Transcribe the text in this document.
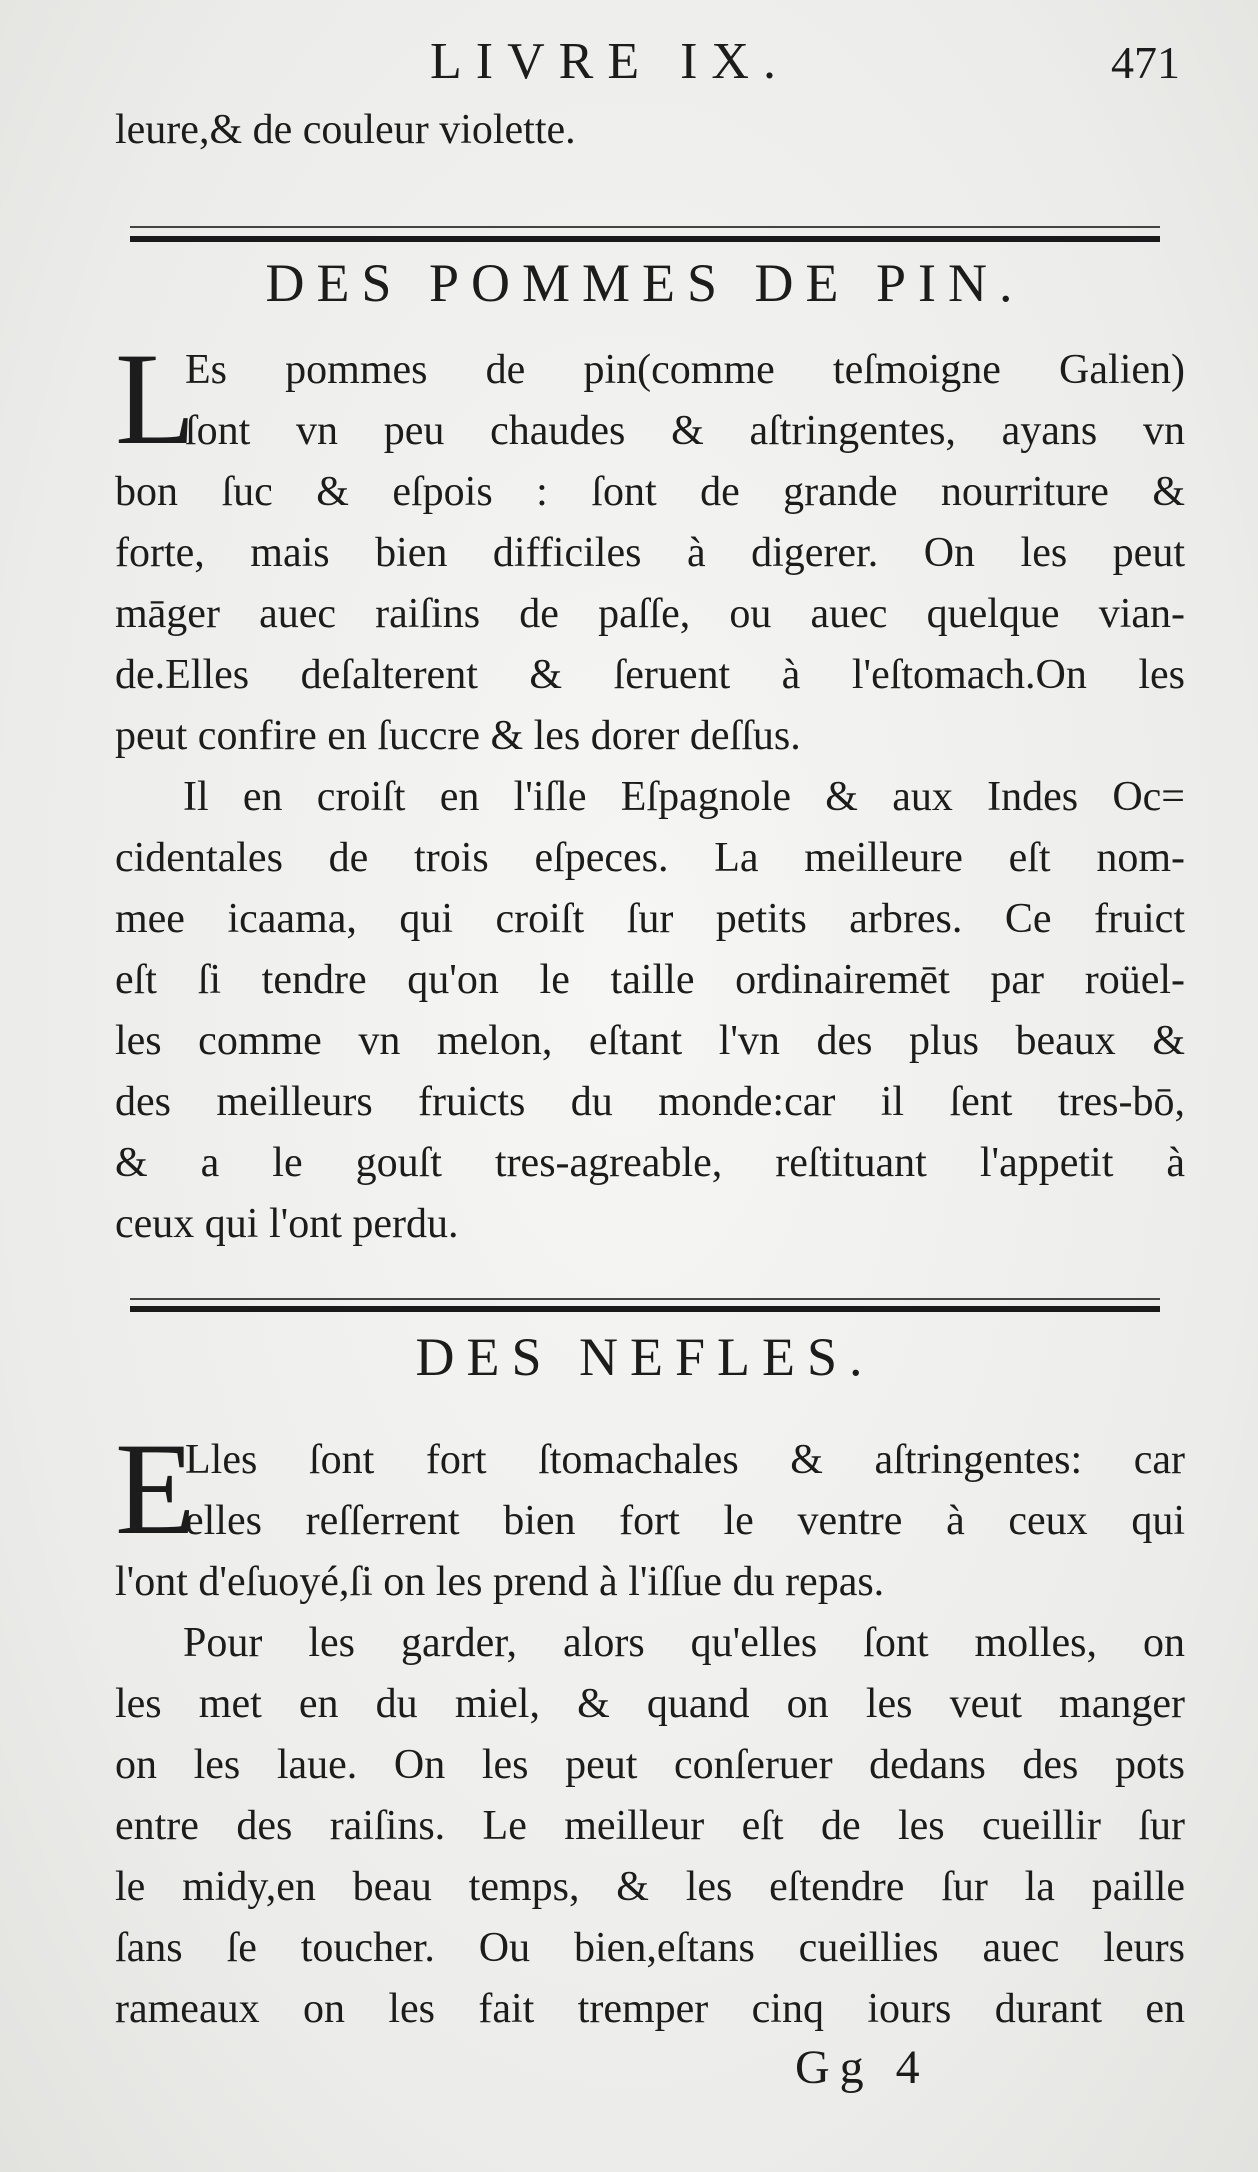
LIVRE IX.	471
leure,& de couleur violette.
DES POMMES DE PIN.
L
Es pommes de pin(comme teſmoigne Galien)
ſont vn peu chaudes & aſtringentes, ayans vn
bon ſuc & eſpois : ſont de grande nourriture &
forte, mais bien difficiles à digerer. On les peut
māger auec raiſins de paſſe, ou auec quelque vian-
de.Elles deſalterent & ſeruent à l'eſtomach.On les
peut confire en ſuccre & les dorer deſſus.
Il en croiſt en l'iſle Eſpagnole & aux Indes Oc=
cidentales de trois eſpeces. La meilleure eſt nom-
mee icaama, qui croiſt ſur petits arbres. Ce fruict
eſt ſi tendre qu'on le taille ordinairemēt par roüel-
les comme vn melon, eſtant l'vn des plus beaux &
des meilleurs fruicts du monde:car il ſent tres-bō,
& a le gouſt tres-agreable, reſtituant l'appetit à
ceux qui l'ont perdu.
DES NEFLES.
E
Lles ſont fort ſtomachales & aſtringentes: car
elles reſſerrent bien fort le ventre à ceux qui
l'ont d'eſuoyé,ſi on les prend à l'iſſue du repas.
Pour les garder, alors qu'elles ſont molles, on
les met en du miel, & quand on les veut manger
on les laue. On les peut conſeruer dedans des pots
entre des raiſins. Le meilleur eſt de les cueillir ſur
le midy,en beau temps, & les eſtendre ſur la paille
ſans ſe toucher. Ou bien,eſtans cueillies auec leurs
rameaux on les fait tremper cinq iours durant en
Gg 4
